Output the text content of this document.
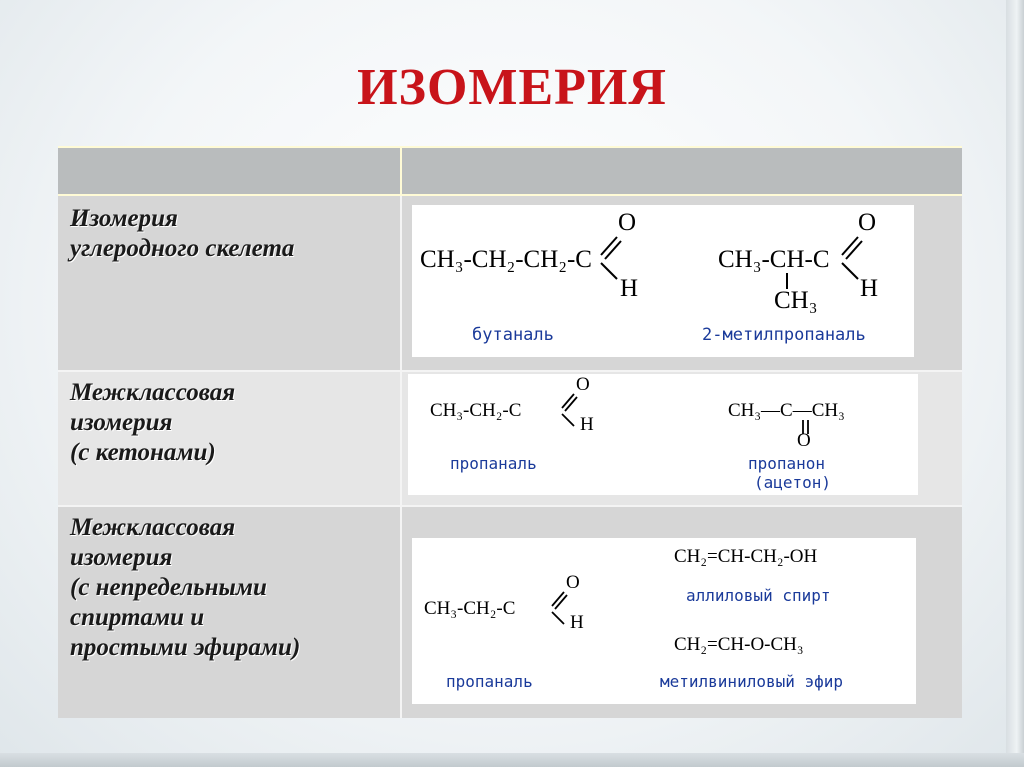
ИЗОМЕРИЯ
Изомерия
углеродного скелета	CH₃-CH₂-CH₂-C
O
H
бутаналь
CH₃-CH-C
CH₃
O
H
2-метилпропаналь
Межклассовая
изомерия
(с кетонами)
CH₃-CH₂-C
O
H
пропаналь
CH₃—C—CH₃
O
пропанон
(ацетон)
Межклассовая
изомерия
(с непредельными
спиртами и
простыми эфирами)
CH₃-CH₂-C
O
H
пропаналь
CH₂=CH-CH₂-OH
аллиловый спирт
CH₂=CH-O-CH₃
метилвиниловый эфир
